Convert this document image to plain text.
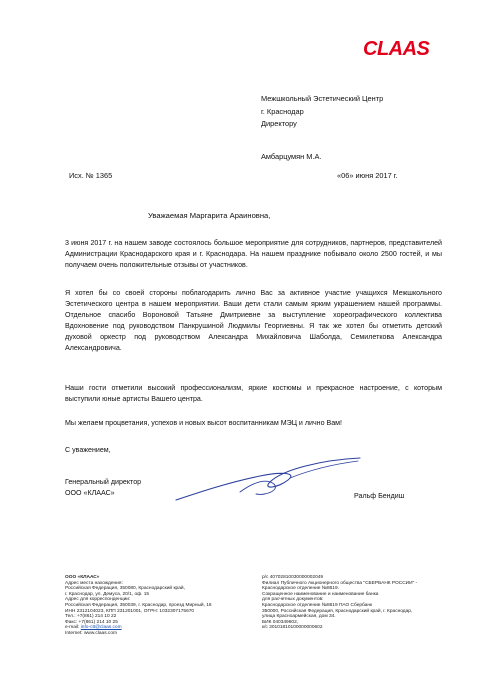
CLAAS
Межшкольный Эстетический Центр
г. Краснодар
Директору
Амбарцумян М.А.
Исх. № 1365	«06» июня 2017 г.
Уважаемая Маргарита Араиновна,
3 июня 2017 г. на нашем заводе состоялось большое мероприятие для сотрудников, партнеров, представителей Администрации Краснодарского края и г. Краснодара. На нашем празднике побывало около 2500 гостей, и мы получаем очень положительные отзывы от участников.
Я хотел бы со своей стороны поблагодарить лично Вас за активное участие учащихся Межшкольного Эстетического центра в нашем мероприятии. Ваши дети стали самым ярким украшением нашей программы. Отдельное спасибо Вороновой Татьяне Дмитриевне за выступление хореографического коллектива Вдохновение под руководством Панкрушиной Людмилы Георгиевны. Я так же хотел бы отметить детский духовой оркестр под руководством Александра Михайловича Шаболда, Семилеткова Александра Александровича.
Наши гости отметили высокий профессионализм, яркие костюмы и прекрасное настроение, с которым выступили юные артисты Вашего центра.
Мы желаем процветания, успехов и новых высот воспитанникам МЭЦ и лично Вам!
С уважением,
Генеральный директор
ООО «КЛААС»	Ральф Бендиш
ООО «КЛААС»
Адрес места нахождения:
Российская Федерация, 350080, Краснодарский край,
г. Краснодар, ул. Демуса, 20/1, оф. 15
Адрес для корреспонденции:
Российская Федерация, 350039, г. Краснодар, проезд Мирный, 16
ИНН 2312104023, КПП 231201001, ОГРН: 1032307175670
Тел.: +7(861) 214 10 22
Факс: +7(861) 214 10 25
e-mail: info-ctt@claas.com
Internet: www.claas.com
р/с 40702810030000002049
Филиал Публичного Акционерного общества "СБЕРБАНК РОССИИ" -
Краснодарское отделение №8619.
Сокращенное наименование и наименование банка
для расчетных документов:
Краснодарское отделение №8619 ПАО Сбербанк
350000, Российская Федерация, Краснодарский край, г. Краснодар,
улица Красноармейская, дом 34.
БИК 040349602,
к/с 30101810100000000602
